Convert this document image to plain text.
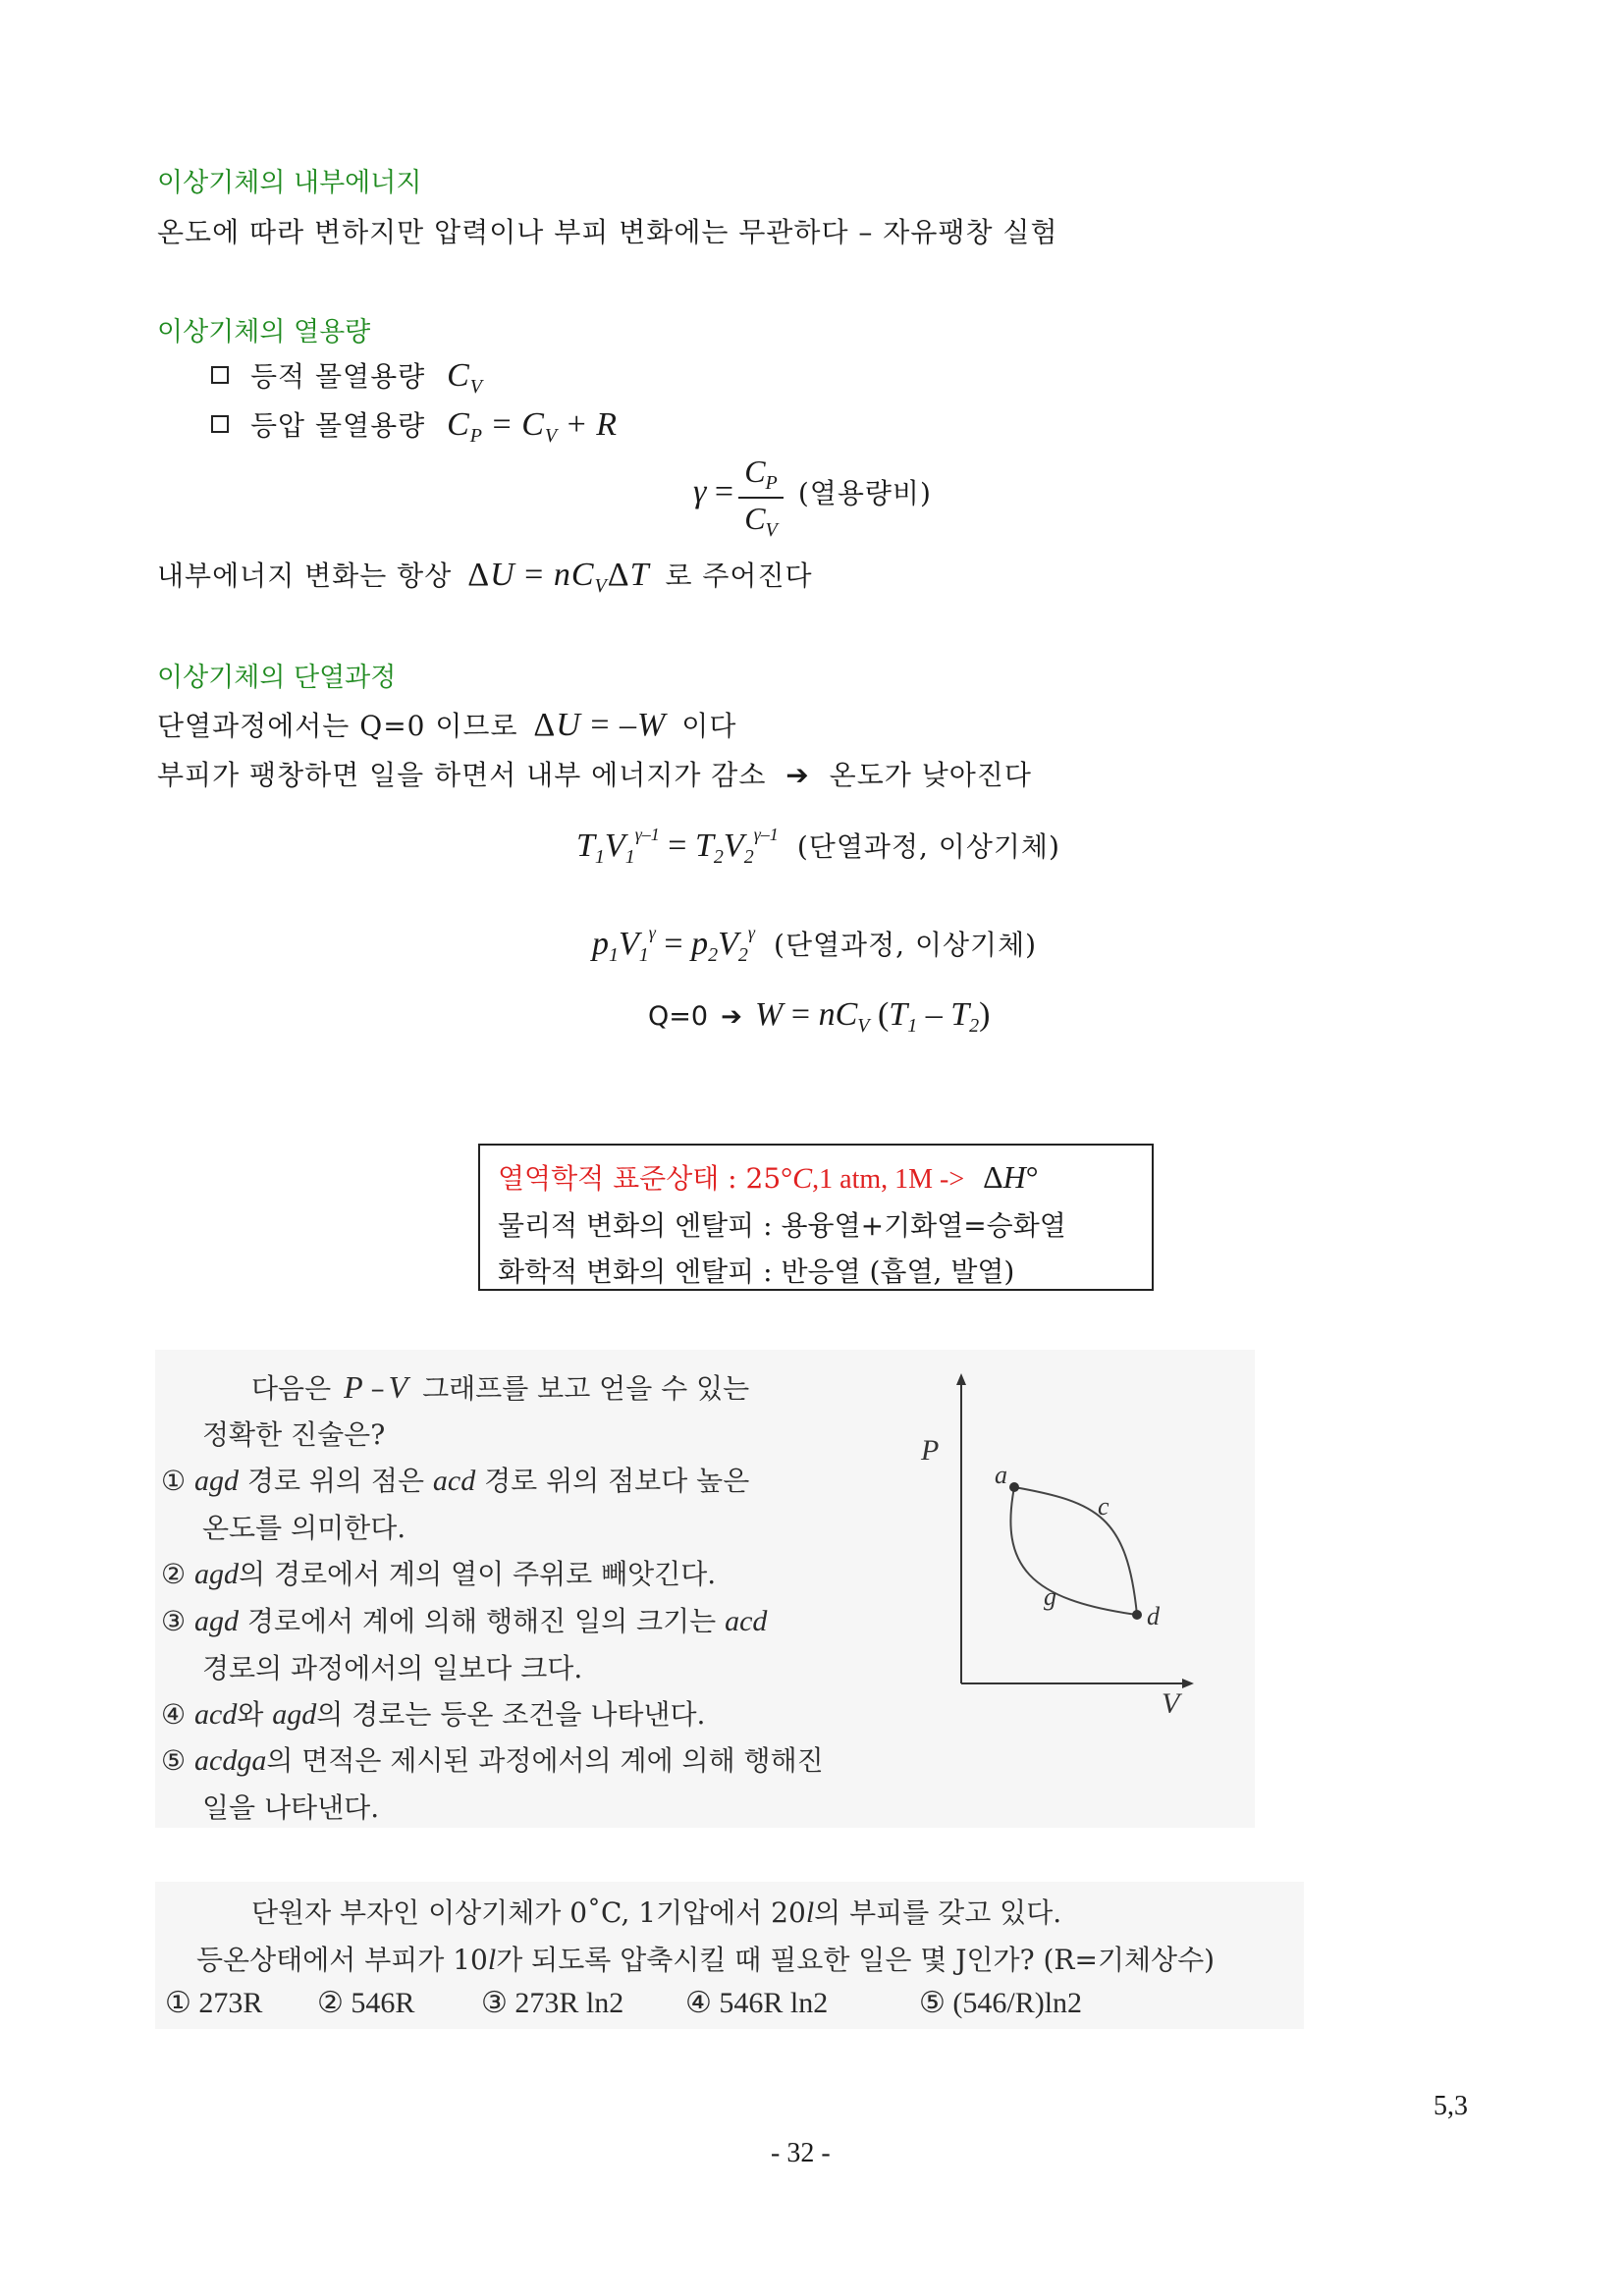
이상기체의 내부에너지
온도에 따라 변하지만 압력이나 부피 변화에는 무관하다 – 자유팽창 실험
이상기체의 열용량
등적 몰열용량 $C_V$
등압 몰열용량 $C_P = C_V + R$
$\gamma = \frac{C_P}{C_V}$ (열용량비)
내부에너지 변화는 항상 $\Delta U = nC_V\Delta T$ 로 주어진다
이상기체의 단열과정
단열과정에서는 Q=0 이므로 ΔU = –W 이다
부피가 팽창하면 일을 하면서 내부 에너지가 감소 ➔ 온도가 낮아진다
$T_1V_1^{\gamma-1} = T_2V_2^{\gamma-1}$ (단열과정, 이상기체)
$p_1V_1^\gamma = p_2V_2^\gamma$ (단열과정, 이상기체)
Q=0 ➔ $W = nC_V$ $(T_1 - T_2)$
열역학적 표준상태 : 25°C,1 atm, 1M -> ΔH°
물리적 변화의 엔탈피 : 용융열+기화열=승화열
화학적 변화의 엔탈피 : 반응열 (흡열, 발열)
다음은 P – V 그래프를 보고 얻을 수 있는
정확한 진술은?
① agd 경로 위의 점은 acd 경로 위의 점보다 높은
온도를 의미한다.
② agd의 경로에서 계의 열이 주위로 빼앗긴다.
③ agd 경로에서 계에 의해 행해진 일의 크기는 acd
경로의 과정에서의 일보다 크다.
④ acd와 agd의 경로는 등온 조건을 나타낸다.
⑤ acdga의 면적은 제시된 과정에서의 계에 의해 행해진
일을 나타낸다.
P
V
a
c
d
g
단원자 부자인 이상기체가 0˚C, 1기압에서 20l의 부피를 갖고 있다.
등온상태에서 부피가 10l가 되도록 압축시킬 때 필요한 일은 몇 J인가? (R=기체상수)
① 273R ② 546R ③ 273R ln2 ④ 546R ln2	⑤ (546/R)ln2
5,3
- 32 -
